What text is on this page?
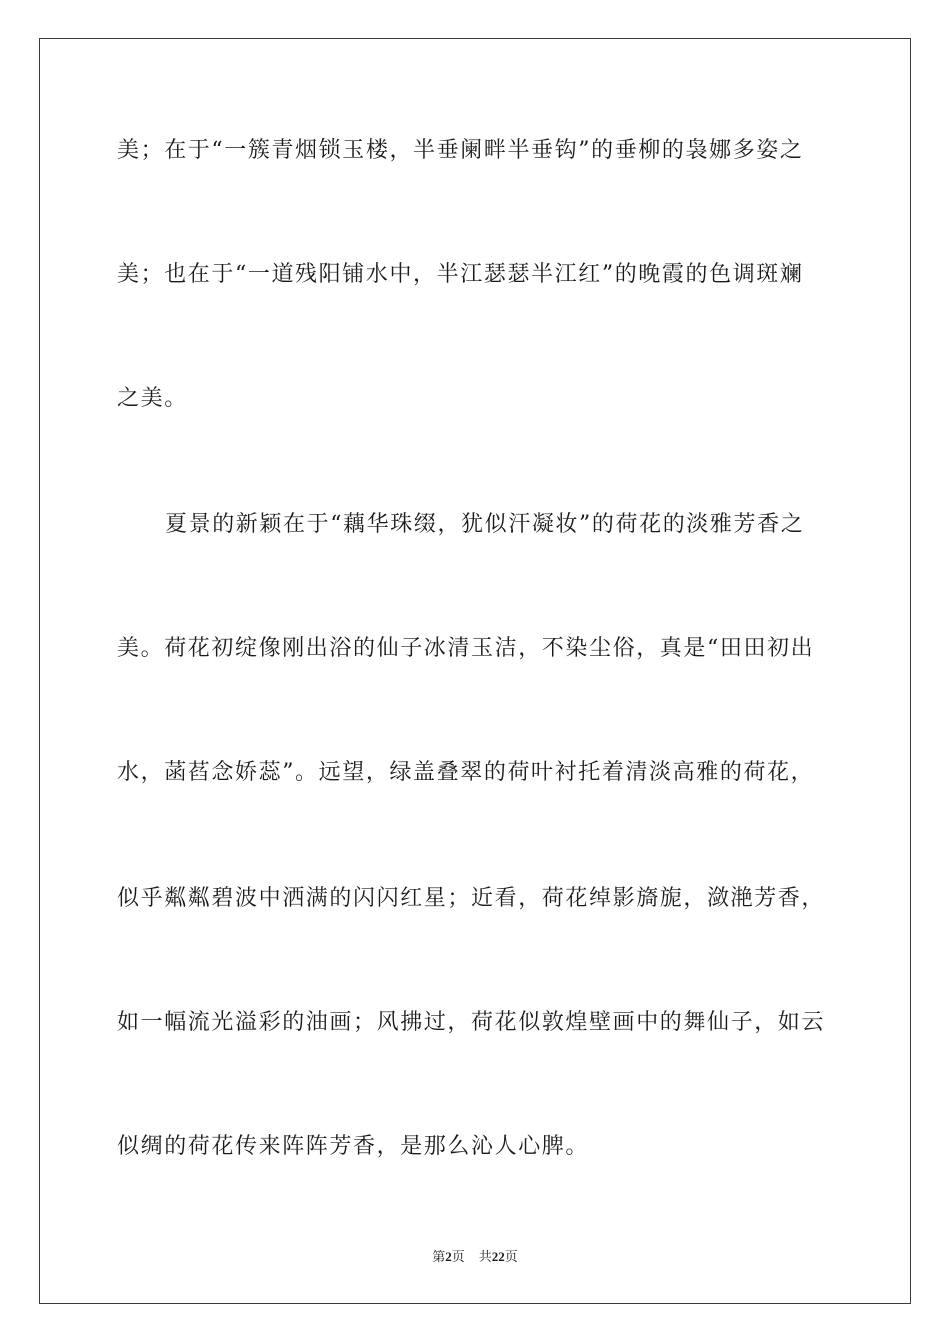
美；在于“一簇青烟锁玉楼，半垂阑畔半垂钩”的垂柳的袅娜多姿之
美；也在于“一道残阳铺水中，半江瑟瑟半江红”的晚霞的色调斑斓
之美。
夏景的新颖在于“藕华珠缀，犹似汗凝妆”的荷花的淡雅芳香之
美。荷花初绽像刚出浴的仙子冰清玉洁，不染尘俗，真是“田田初出
水，菡萏念娇蕊”。远望，绿盖叠翠的荷叶衬托着清淡高雅的荷花，
似乎粼粼碧波中洒满的闪闪红星；近看，荷花绰影旖旎，潋滟芳香，
如一幅流光溢彩的油画；风拂过，荷花似敦煌壁画中的舞仙子，如云
似绸的荷花传来阵阵芳香，是那么沁人心脾。
第2页 共22页
